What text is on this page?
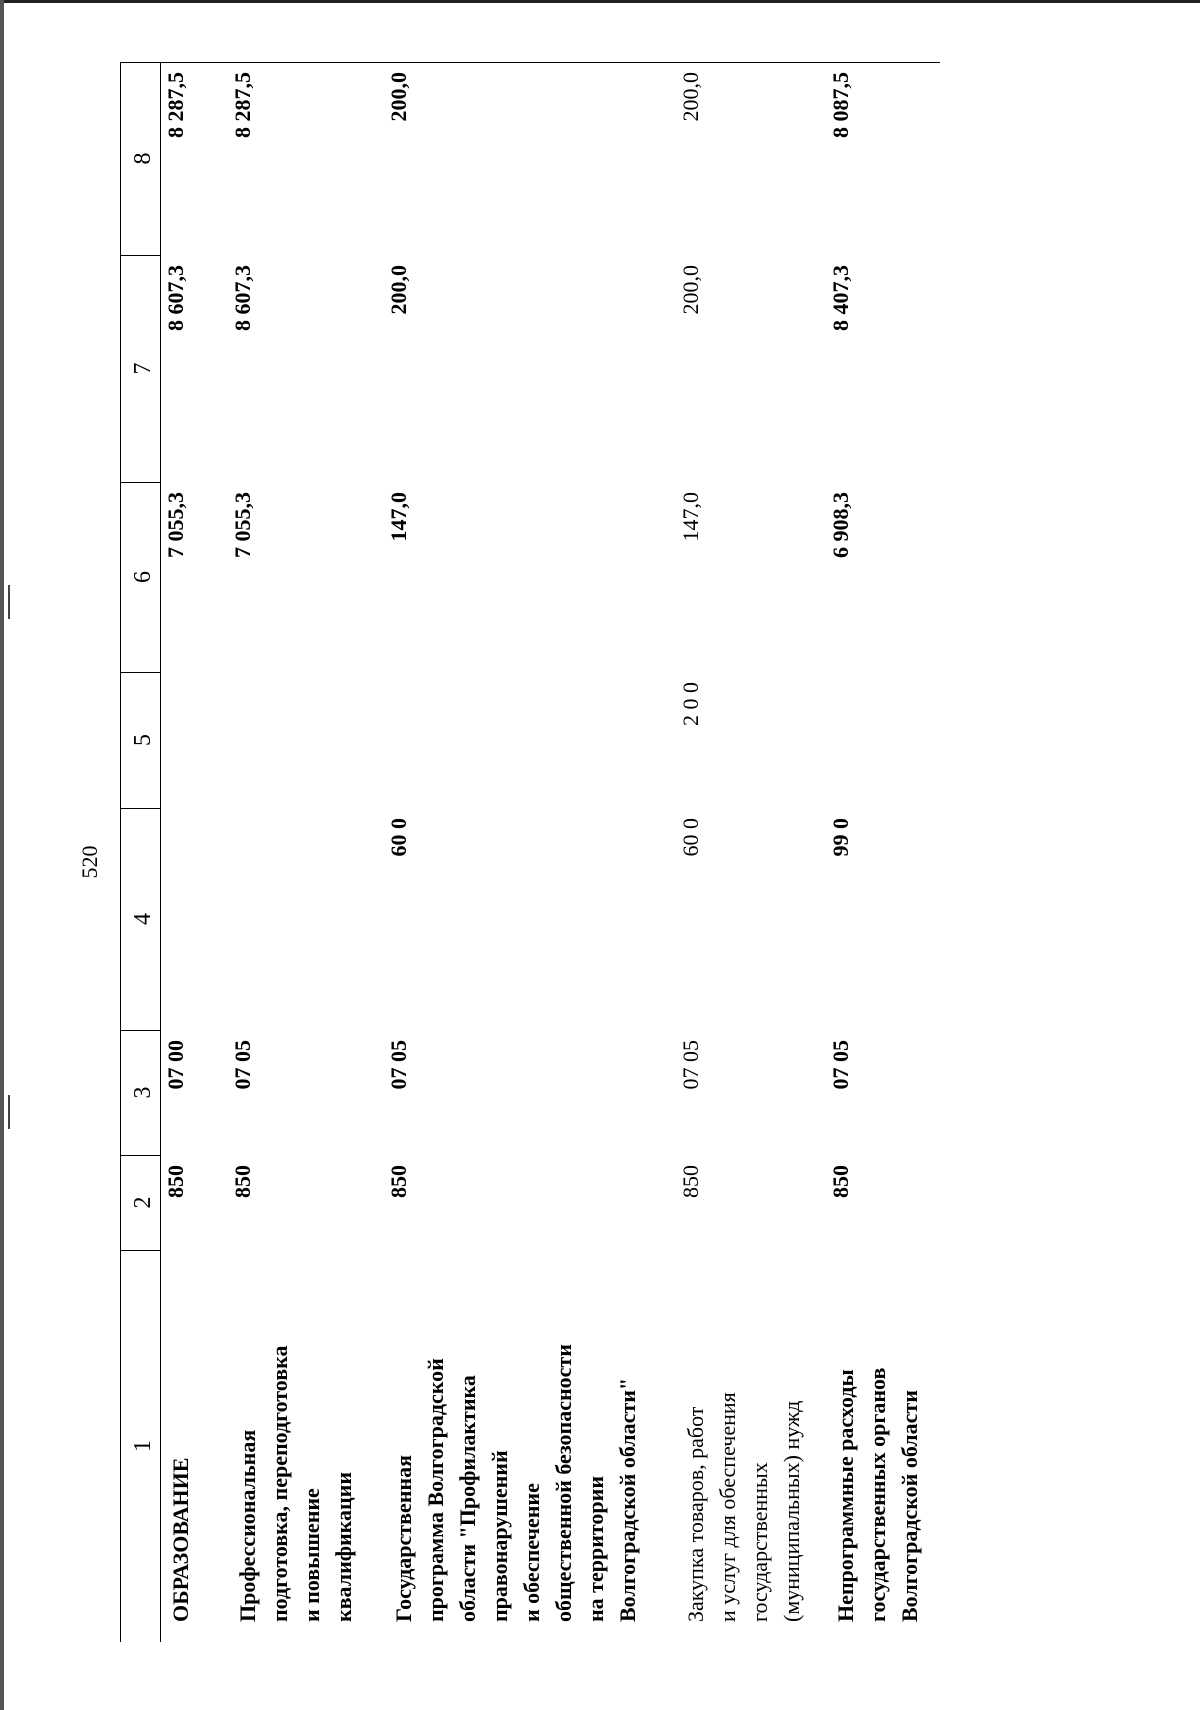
520
1
2
3
4
5
6
7
8
ОБРАЗОВАНИЕ
850
07 00
7 055,3
8 607,3
8 287,5
Профессиональная подготовка, переподготовка и повышение квалификации
850
07 05
7 055,3
8 607,3
8 287,5
Государственная программа Волгоградской области "Профилактика правонарушений и обеспечение общественной безопасности на территории Волгоградской области"
850
07 05
60 0
147,0
200,0
200,0
Закупка товаров, работ и услуг для обеспечения государственных (муниципальных) нужд
850
07 05
60 0
2 0 0
147,0
200,0
200,0
Непрограммные расходы государственных органов Волгоградской области
850
07 05
99 0
6 908,3
8 407,3
8 087,5
